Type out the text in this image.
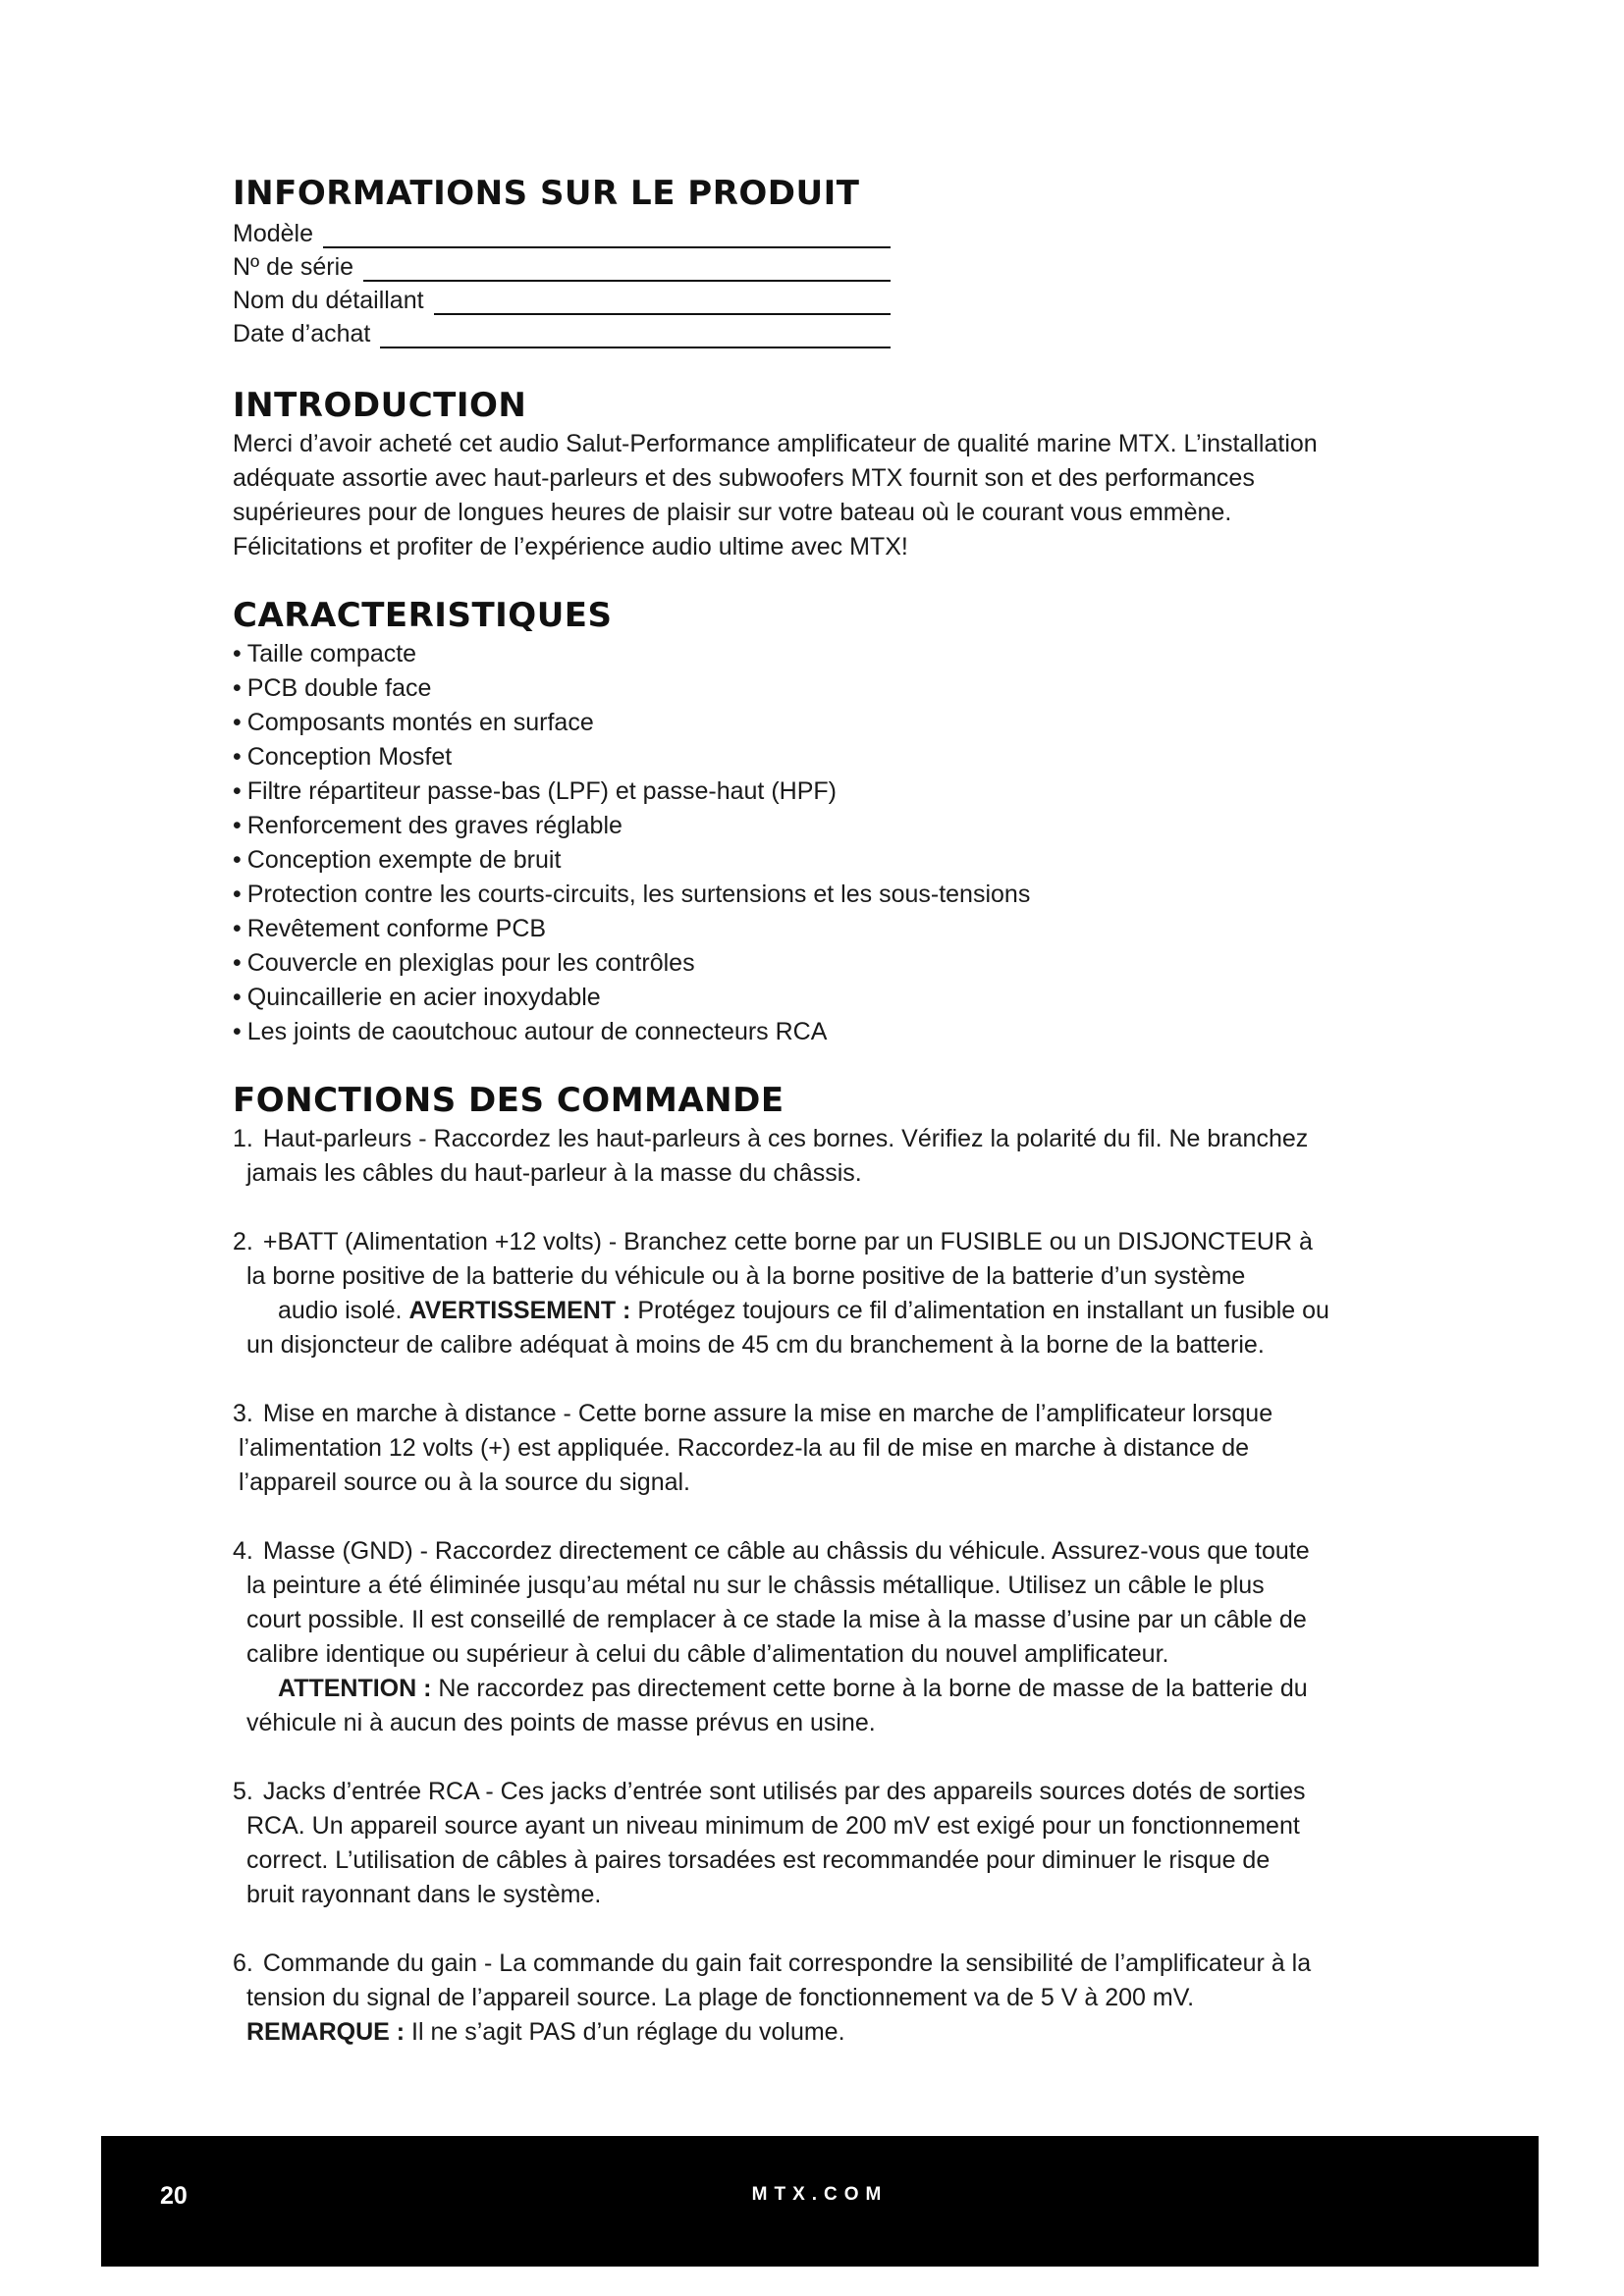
INFORMATIONS SUR LE PRODUIT
Modèle
Nº de série
Nom du détaillant
Date d’achat
INTRODUCTION
Merci d’avoir acheté cet audio Salut-Performance amplificateur de qualité marine MTX. L’installation
adéquate assortie avec haut-parleurs et des subwoofers MTX fournit son et des performances
supérieures pour de longues heures de plaisir sur votre bateau où le courant vous emmène.
Félicitations et profiter de l’expérience audio ultime avec MTX!
CARACTERISTIQUES
• Taille compacte
• PCB double face
• Composants montés en surface
• Conception Mosfet
• Filtre répartiteur passe-bas (LPF) et passe-haut (HPF)
• Renforcement des graves réglable
• Conception exempte de bruit
• Protection contre les courts-circuits, les surtensions et les sous-tensions
• Revêtement conforme PCB
• Couvercle en plexiglas pour les contrôles
• Quincaillerie en acier inoxydable
• Les joints de caoutchouc autour de connecteurs RCA
FONCTIONS DES COMMANDE
1. Haut-parleurs - Raccordez les haut-parleurs à ces bornes. Vérifiez la polarité du fil. Ne branchez
jamais les câbles du haut-parleur à la masse du châssis.
2. +BATT (Alimentation +12 volts) - Branchez cette borne par un FUSIBLE ou un DISJONCTEUR à
la borne positive de la batterie du véhicule ou à la borne positive de la batterie d’un système
audio isolé. AVERTISSEMENT : Protégez toujours ce fil d’alimentation en installant un fusible ou
un disjoncteur de calibre adéquat à moins de 45 cm du branchement à la borne de la batterie.
3. Mise en marche à distance - Cette borne assure la mise en marche de l’amplificateur lorsque
l’alimentation 12 volts (+) est appliquée. Raccordez-la au fil de mise en marche à distance de
l’appareil source ou à la source du signal.
4. Masse (GND) - Raccordez directement ce câble au châssis du véhicule. Assurez-vous que toute
la peinture a été éliminée jusqu’au métal nu sur le châssis métallique. Utilisez un câble le plus
court possible. Il est conseillé de remplacer à ce stade la mise à la masse d’usine par un câble de
calibre identique ou supérieur à celui du câble d’alimentation du nouvel amplificateur.
ATTENTION : Ne raccordez pas directement cette borne à la borne de masse de la batterie du
véhicule ni à aucun des points de masse prévus en usine.
5. Jacks d’entrée RCA - Ces jacks d’entrée sont utilisés par des appareils sources dotés de sorties
RCA. Un appareil source ayant un niveau minimum de 200 mV est exigé pour un fonctionnement
correct. L’utilisation de câbles à paires torsadées est recommandée pour diminuer le risque de
bruit rayonnant dans le système.
6. Commande du gain - La commande du gain fait correspondre la sensibilité de l’amplificateur à la
tension du signal de l’appareil source. La plage de fonctionnement va de 5 V à 200 mV.
REMARQUE : Il ne s’agit PAS d’un réglage du volume.
20	MTX.COM
